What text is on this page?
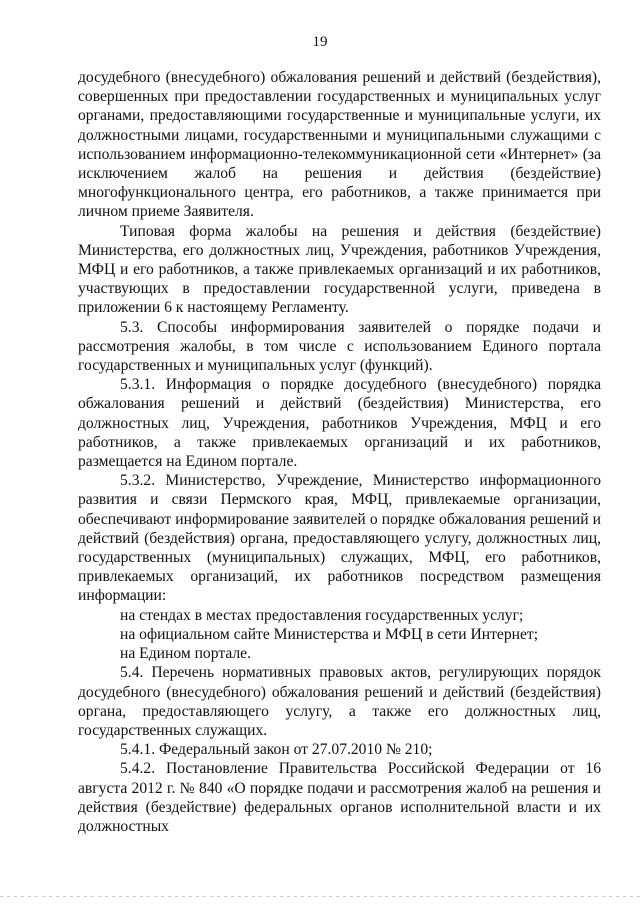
19

досудебного (внесудебного) обжалования решений и действий (бездействия), совершенных при предоставлении государственных и муниципальных услуг органами, предоставляющими государственные и муниципальные услуги, их должностными лицами, государственными и муниципальными служащими с использованием информационно-телекоммуникационной сети «Интернет» (за исключением жалоб на решения и действия (бездействие) многофункционального центра, его работников, а также принимается при личном приеме Заявителя.

Типовая форма жалобы на решения и действия (бездействие) Министерства, его должностных лиц, Учреждения, работников Учреждения, МФЦ и его работников, а также привлекаемых организаций и их работников, участвующих в предоставлении государственной услуги, приведена в приложении 6 к настоящему Регламенту.

5.3. Способы информирования заявителей о порядке подачи и рассмотрения жалобы, в том числе с использованием Единого портала государственных и муниципальных услуг (функций).

5.3.1. Информация о порядке досудебного (внесудебного) порядка обжалования решений и действий (бездействия) Министерства, его должностных лиц, Учреждения, работников Учреждения, МФЦ и его работников, а также привлекаемых организаций и их работников, размещается на Едином портале.

5.3.2. Министерство, Учреждение, Министерство информационного развития и связи Пермского края, МФЦ, привлекаемые организации, обеспечивают информирование заявителей о порядке обжалования решений и действий (бездействия) органа, предоставляющего услугу, должностных лиц, государственных (муниципальных) служащих, МФЦ, его работников, привлекаемых организаций, их работников посредством размещения информации:

на стендах в местах предоставления государственных услуг;

на официальном сайте Министерства и МФЦ в сети Интернет;

на Едином портале.

5.4. Перечень нормативных правовых актов, регулирующих порядок досудебного (внесудебного) обжалования решений и действий (бездействия) органа, предоставляющего услугу, а также его должностных лиц, государственных служащих.

5.4.1. Федеральный закон от 27.07.2010 № 210;

5.4.2. Постановление Правительства Российской Федерации от 16 августа 2012 г. № 840 «О порядке подачи и рассмотрения жалоб на решения и действия (бездействие) федеральных органов исполнительной власти и их должностных
